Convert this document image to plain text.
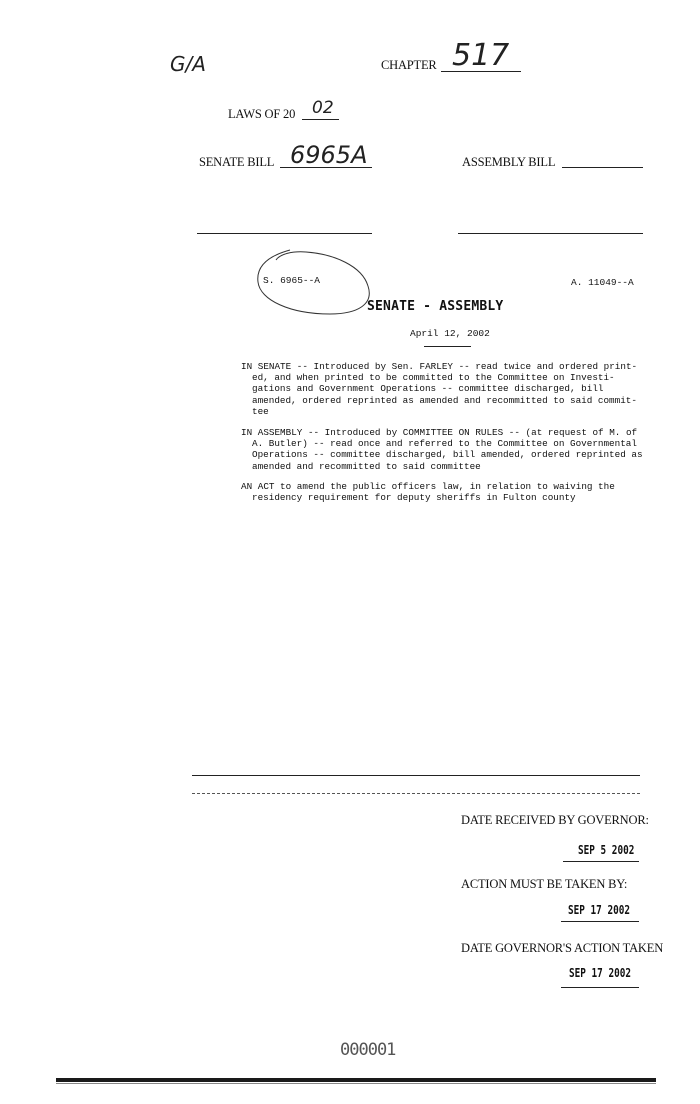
G/A	CHAPTER 517
LAWS OF 20 02
SENATE BILL 6965A	ASSEMBLY BILL
S. 6965--A	A. 11049--A
SENATE - ASSEMBLY
April 12, 2002
IN SENATE -- Introduced by Sen. FARLEY -- read twice and ordered print-
ed, and when printed to be committed to the Committee on Investi-
gations and Government Operations -- committee discharged, bill
amended, ordered reprinted as amended and recommitted to said commit-
tee
IN ASSEMBLY -- Introduced by COMMITTEE ON RULES -- (at request of M. of
A. Butler) -- read once and referred to the Committee on Governmental
Operations -- committee discharged, bill amended, ordered reprinted as
amended and recommitted to said committee
AN ACT to amend the public officers law, in relation to waiving the
residency requirement for deputy sheriffs in Fulton county
DATE RECEIVED BY GOVERNOR:
SEP 5 2002
ACTION MUST BE TAKEN BY:
SEP 17 2002
DATE GOVERNOR'S ACTION TAKEN
SEP 17 2002
000001
